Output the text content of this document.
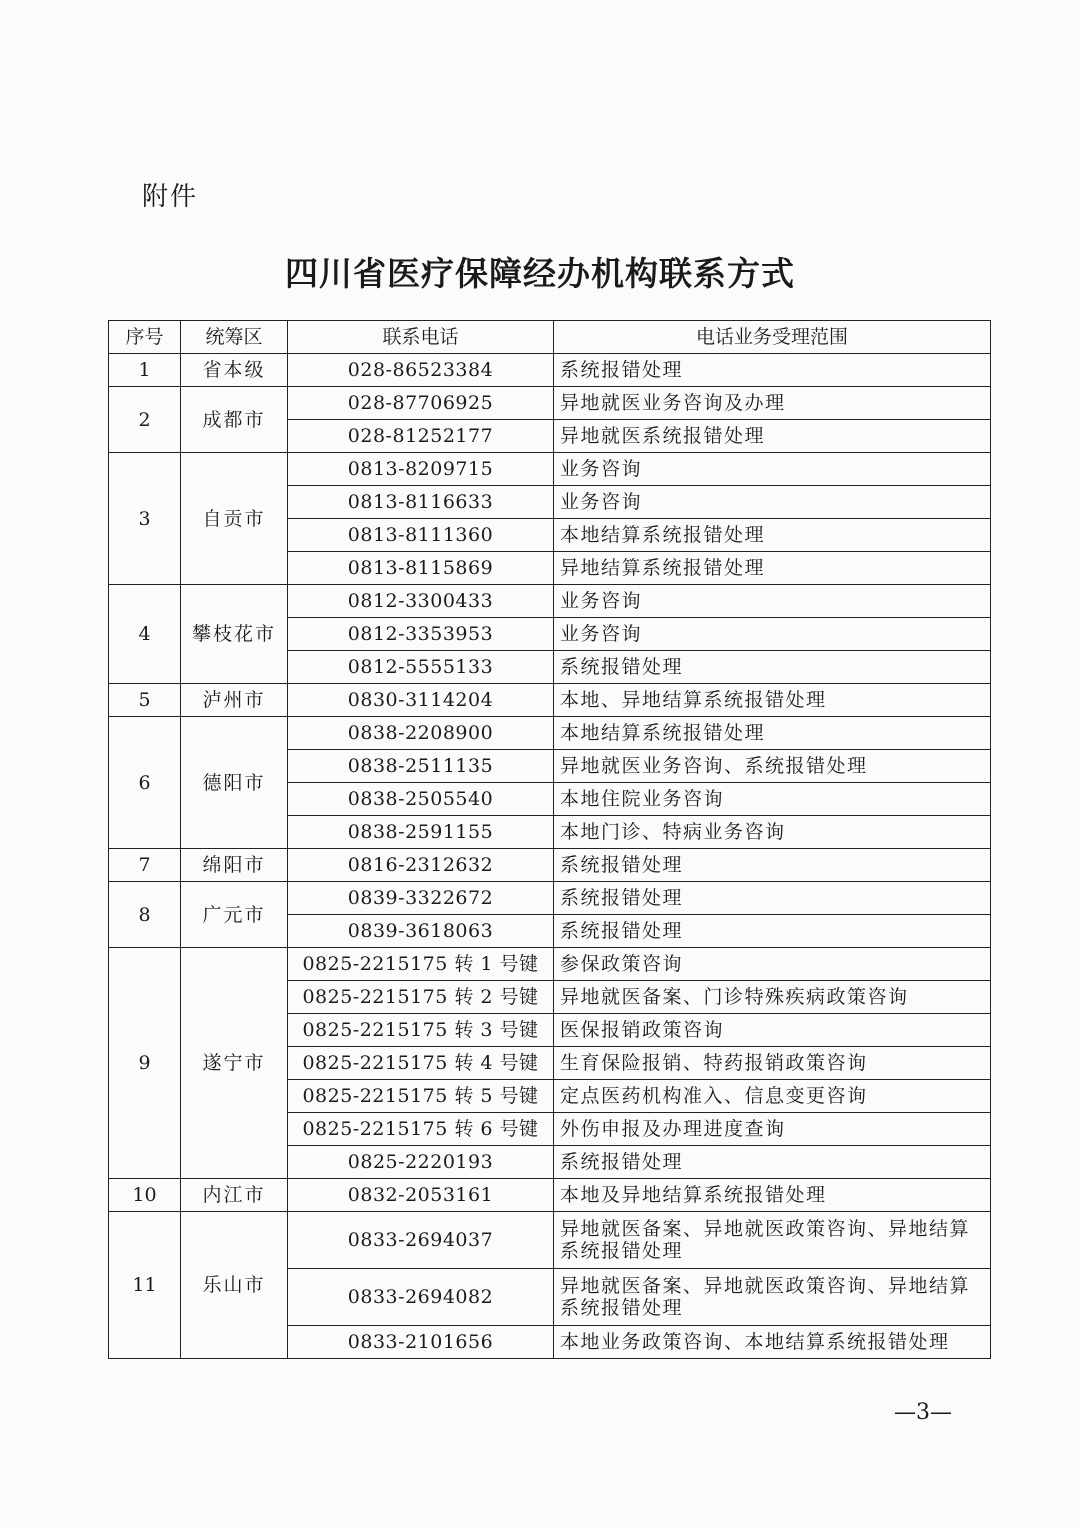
附件
四川省医疗保障经办机构联系方式
序号	统筹区	联系电话	电话业务受理范围
1	省本级	028-86523384	系统报错处理
2	成都市	028-87706925	异地就医业务咨询及办理
		028-81252177	异地就医系统报错处理
3	自贡市	0813-8209715	业务咨询
		0813-8116633	业务咨询
		0813-8111360	本地结算系统报错处理
		0813-8115869	异地结算系统报错处理
4	攀枝花市	0812-3300433	业务咨询
		0812-3353953	业务咨询
		0812-5555133	系统报错处理
5	泸州市	0830-3114204	本地、异地结算系统报错处理
6	德阳市	0838-2208900	本地结算系统报错处理
		0838-2511135	异地就医业务咨询、系统报错处理
		0838-2505540	本地住院业务咨询
		0838-2591155	本地门诊、特病业务咨询
7	绵阳市	0816-2312632	系统报错处理
8	广元市	0839-3322672	系统报错处理
		0839-3618063	系统报错处理
9	遂宁市	0825-2215175 转 1 号键	参保政策咨询
		0825-2215175 转 2 号键	异地就医备案、门诊特殊疾病政策咨询
		0825-2215175 转 3 号键	医保报销政策咨询
		0825-2215175 转 4 号键	生育保险报销、特药报销政策咨询
		0825-2215175 转 5 号键	定点医药机构准入、信息变更咨询
		0825-2215175 转 6 号键	外伤申报及办理进度查询
		0825-2220193	系统报错处理
10	内江市	0832-2053161	本地及异地结算系统报错处理
11	乐山市	0833-2694037	异地就医备案、异地就医政策咨询、异地结算系统报错处理
		0833-2694082	异地就医备案、异地就医政策咨询、异地结算系统报错处理
		0833-2101656	本地业务政策咨询、本地结算系统报错处理
—3—
